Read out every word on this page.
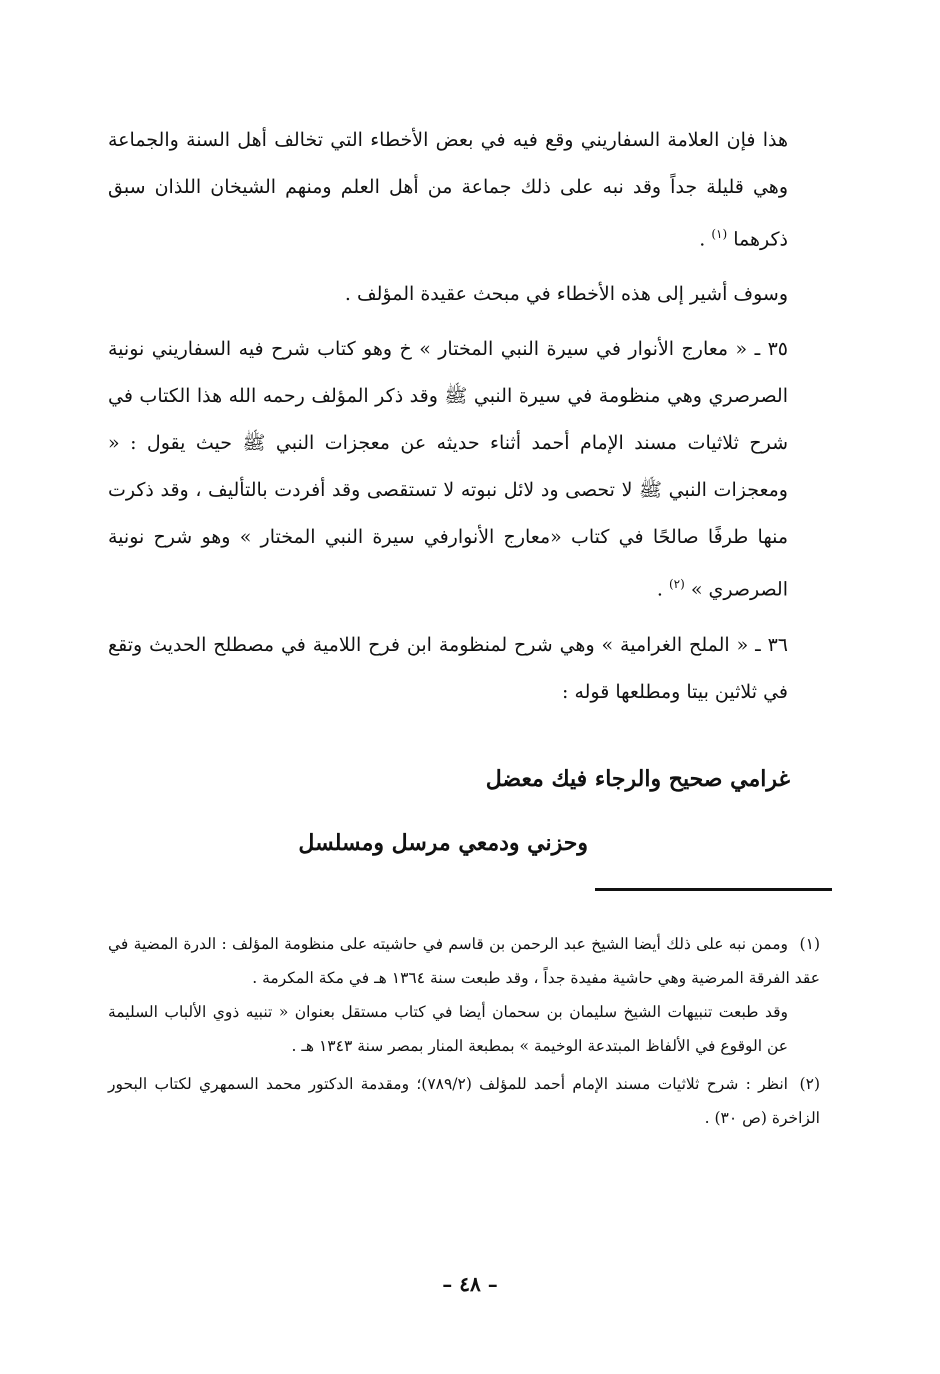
هذا فإن العلامة السفاريني وقع فيه في بعض الأخطاء التي تخالف أهل السنة والجماعة وهي قليلة جداً وقد نبه على ذلك جماعة من أهل العلم ومنهم الشيخان اللذان سبق ذكرهما $^{(١)}$ .

وسوف أشير إلى هذه الأخطاء في مبحث عقيدة المؤلف .

٣٥ ـ « معارج الأنوار في سيرة النبي المختار » خ وهو كتاب شرح فيه السفاريني نونية الصرصري وهي منظومة في سيرة النبي ﷺ وقد ذكر المؤلف رحمه الله هذا الكتاب في شرح ثلاثيات مسند الإمام أحمد أثناء حديثه عن معجزات النبي ﷺ حيث يقول : « ومعجزات النبي ﷺ لا تحصى ود لائل نبوته لا تستقصى وقد أفردت بالتأليف ، وقد ذكرت منها طرفًا صالحًا في كتاب «معارج الأنوارفي سيرة النبي المختار » وهو شرح نونية الصرصري » $^{(٢)}$ .

٣٦ ـ « الملح الغرامية » وهي شرح لمنظومة ابن فرح اللامية في مصطلح الحديث وتقع في ثلاثين بيتا ومطلعها قوله :

غرامي صحيح والرجاء فيك معضل
وحزني ودمعي مرسل ومسلسل

(١)وممن نبه على ذلك أيضا الشيخ عبد الرحمن بن قاسم في حاشيته على منظومة المؤلف : الدرة المضية في عقد الفرقة المرضية وهي حاشية مفيدة جداً ، وقد طبعت سنة ١٣٦٤ هـ في مكة المكرمة .

وقد طبعت تنبيهات الشيخ سليمان بن سحمان أيضا في كتاب مستقل بعنوان « تنبيه ذوي الألباب السليمة عن الوقوع في الألفاظ المبتدعة الوخيمة » بمطبعة المنار بمصر سنة ١٣٤٣ هـ .

(٢)انظر : شرح ثلاثيات مسند الإمام أحمد للمؤلف (٧٨٩/٢)؛ ومقدمة الدكتور محمد السمهري لكتاب البحور الزاخرة (ص ٣٠) .

– ٤٨ –
